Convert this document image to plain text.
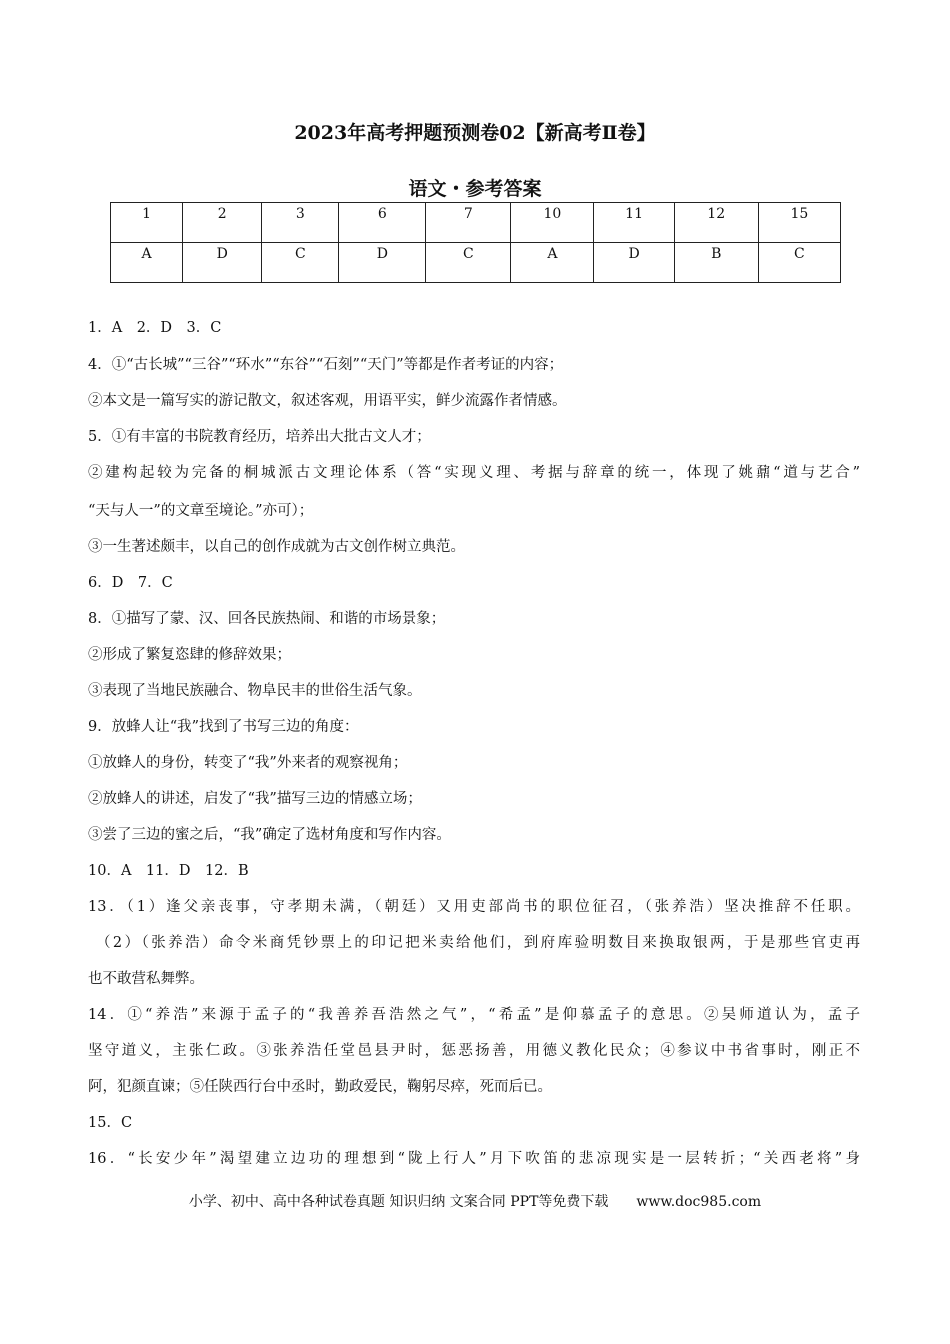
2023年高考押题预测卷02【新高考Ⅱ卷】
语文・参考答案
1	2	3	6	7	10	11	12	15
A	D	C	D	C	A	D	B	C
1．A　2．D　3．C
4．①“古长城”“三谷”“环水”“东谷”“石刻”“天门”等都是作者考证的内容；
②本文是一篇写实的游记散文，叙述客观，用语平实，鲜少流露作者情感。
5．①有丰富的书院教育经历，培养出大批古文人才；
②建构起较为完备的桐城派古文理论体系（答“实现义理、考据与辞章的统一，体现了姚鼐“道与艺合”
“天与人一”的文章至境论。”亦可）；
③一生著述颇丰，以自己的创作成就为古文创作树立典范。
6．D　7．C
8．①描写了蒙、汉、回各民族热闹、和谐的市场景象；
②形成了繁复恣肆的修辞效果；
③表现了当地民族融合、物阜民丰的世俗生活气象。
9．放蜂人让“我”找到了书写三边的角度：
①放蜂人的身份，转变了“我”外来者的观察视角；
②放蜂人的讲述，启发了“我”描写三边的情感立场；
③尝了三边的蜜之后，“我”确定了选材角度和写作内容。
10．A　11．D　12．B
13．（1）逢父亲丧事，守孝期未满，（朝廷）又用吏部尚书的职位征召，（张养浩）坚决推辞不任职。
（2）（张养浩）命令米商凭钞票上的印记把米卖给他们，到府库验明数目来换取银两，于是那些官吏再
也不敢营私舞弊。
14．①“养浩”来源于孟子的“我善养吾浩然之气”，“希孟”是仰慕孟子的意思。②吴师道认为，孟子
坚守道义，主张仁政。③张养浩任堂邑县尹时，惩恶扬善，用德义教化民众；④参议中书省事时，刚正不
阿，犯颜直谏；⑤任陕西行台中丞时，勤政爱民，鞠躬尽瘁，死而后已。
15．C
16．“长安少年”渴望建立边功的理想到“陇上行人”月下吹笛的悲凉现实是一层转折；“关西老将”身
小学、初中、高中各种试卷真题 知识归纳 文案合同 PPT等免费下载 www.doc985.com
